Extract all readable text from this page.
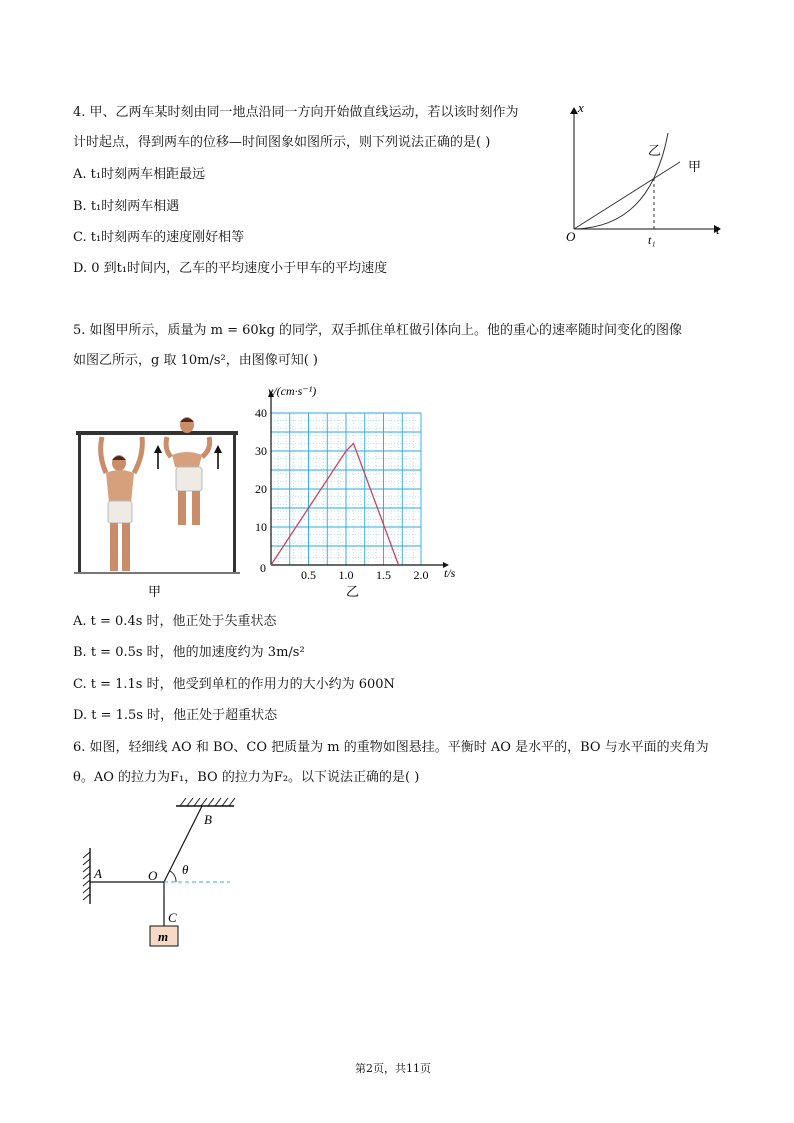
4. 甲、乙两车某时刻由同一地点沿同一方向开始做直线运动，若以该时刻作为
计时起点，得到两车的位移—时间图象如图所示，则下列说法正确的是( )
A. t₁时刻两车相距最远
B. t₁时刻两车相遇
C. t₁时刻两车的速度刚好相等
D. 0 到t₁时间内，乙车的平均速度小于甲车的平均速度
x
t
O	t₁
乙
甲
5. 如图甲所示，质量为 m = 60kg 的同学，双手抓住单杠做引体向上。他的重心的速率随时间变化的图像
如图乙所示，g 取 10m/s²，由图像可知( )
甲
0.5 1.0 1.5 2.0
10
20
30
40
v/(cm·s⁻¹)
t/s
0
乙
A. t = 0.4s 时，他正处于失重状态
B. t = 0.5s 时，他的加速度约为 3m/s²
C. t = 1.1s 时，他受到单杠的作用力的大小约为 600N
D. t = 1.5s 时，他正处于超重状态
6. 如图，轻细线 AO 和 BO、CO 把质量为 m 的重物如图悬挂。平衡时 AO 是水平的，BO 与水平面的夹角为
θ。AO 的拉力为F₁，BO 的拉力为F₂。以下说法正确的是( )
A	O
B
C
θ
m
第2页，共11页
